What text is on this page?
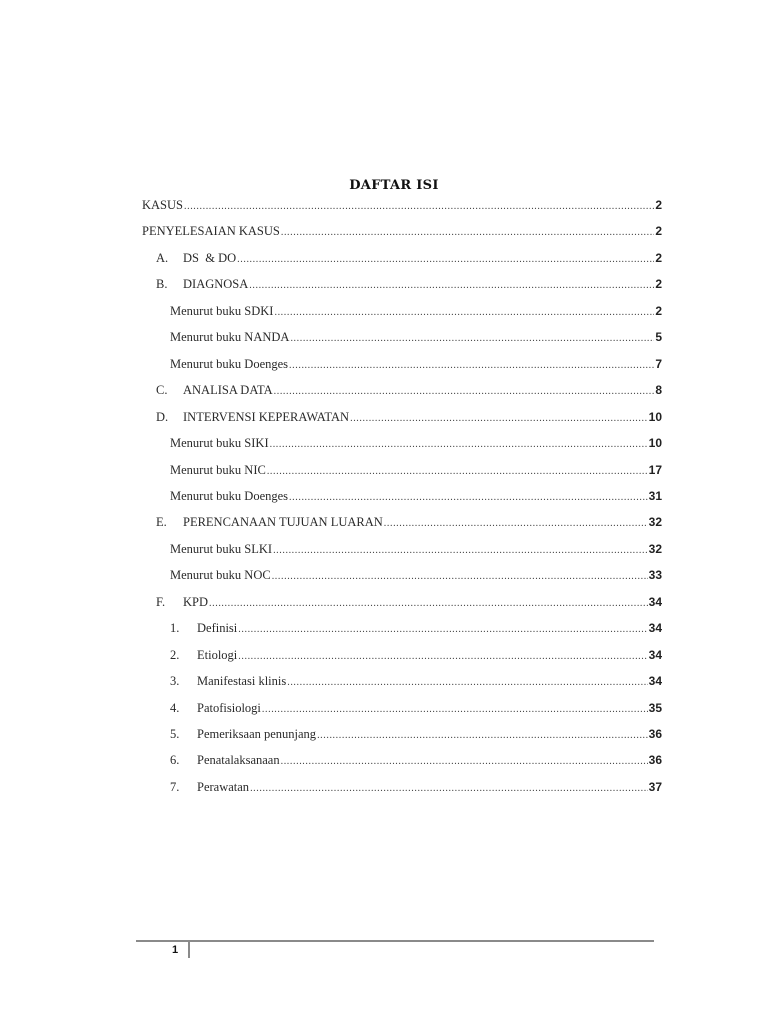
DAFTAR ISI
KASUS .....	2
PENYELESAIAN KASUS .....	2
A.	DS  & DO .....	2
B.	DIAGNOSA .....	2
Menurut buku SDKI .....	2
Menurut buku NANDA .....	5
Menurut buku Doenges .....	7
C.	ANALISA DATA .....	8
D.	INTERVENSI KEPERAWATAN .....	10
Menurut buku SIKI .....	10
Menurut buku NIC .....	17
Menurut buku Doenges .....	31
E.	PERENCANAAN TUJUAN LUARAN .....	32
Menurut buku SLKI .....	32
Menurut buku NOC .....	33
F.	KPD .....	34
1.	Definisi .....	34
2.	Etiologi .....	34
3.	Manifestasi klinis .....	34
4.	Patofisiologi .....	35
5.	Pemeriksaan penunjang .....	36
6.	Penatalaksanaan .....	36
7.	Perawatan .....	37
1
